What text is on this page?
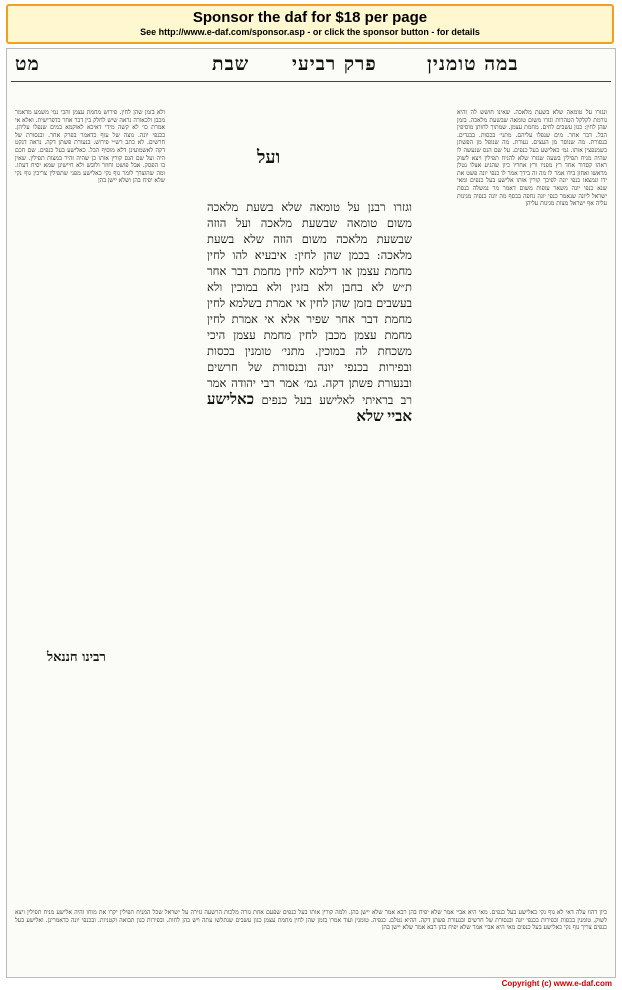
Sponsor the daf for $18 per page
See http://www.e-daf.com/sponsor.asp - or click the sponsor button - for details
במה טומנין
פרק רביעי
שבת
מט
ונגזרו על טומאה שלא בשעת מלאכה. שאינו חושש לה והיא גורמת לקלקל הטהרות וגזרו משום טומאה שבשעת מלאכה. בזמן שהן לחין: כגון עשבים לחים. מחמת עצמן. שמתוך לחותן מוסיפין הבל. דבר אחר. מים שנפלו עליהם. מתני׳ בכסות. בבגדים. בנסורת. מה שנוסר מן העצים. נעורת. מה שנופל מן הפשתן כשמנפצין אותו. גמ׳ כאלישע בעל כנפים. על שם הנס שנעשה לו שהיה מניח תפילין בשעה שגזרו שלא להניח תפילין ויצא לשוק ראהו קסדור אחד רץ מפניו ורץ אחריו כיון שהגיע אצלו נטלן מראשו ואחזן בידו אמר לו מה זה בידך אמר לו כנפי יונה פשט את ידו ונמצאו כנפי יונה לפיכך קורין אותו אלישע בעל כנפים ומאי שנא כנפי יונה משאר עופות משום דאמר מר נמשלה כנסת ישראל ליונה שנאמר כנפי יונה נחפה בכסף מה יונה כנפיה מגינות עליה אף ישראל מצות מגינות עליהן
ולא בזמן שהן לחין. פירוש מחמת עצמן והכי נמי משמע מדאמר מכבן ולכאורה נראה שיש לחלק בין דבר אחר כדפרישית. ואלא אי אמרת כו׳ לא קשה מידי דאיכא לאוקמא במים שנפלו עליהן. בכנפי יונה. נוצה של עוף כדאמר בפרק אחר. ובנסורת של חרשים. לא כתב רש״י פירוש. בנעורת פשתן דקה. נראה דנקט דקה לאשמועינן דלא מוסיף הבל. כאלישע בעל כנפים. שם חכם היה ועל שם הנס קורין אותו כן שהיה זהיר במצות תפילין. שאין בו הפסק. אבל פושט וחוזר ולובש ולא חיישינן שמא יסיח דעתו. ומה שהוצרך לומר גוף נקי כאלישע מפני שתפילין צריכין גוף נקי שלא יפיח בהן ושלא יישן בהן
ועל
וגזרו רבנן על טומאה שלא בשעת מלאכה משום טומאה שבשעת מלאכה ועל הוזה שבשעת מלאכה משום הוזה שלא בשעת מלאכה: בכמן שהן לחין: איבעיא להו לחין מחמת עצמן או דילמא לחין מחמת דבר אחר ת״ש לא בחבן ולא בזגין ולא במוכין ולא בעשבים בזמן שהן לחין אי אמרת בשלמא לחין מחמת דבר אחר שפיר אלא אי אמרת לחין מחמת עצמן מכבן לחין מחמת עצמן היכי משכחת לה במוכין. מתני׳ טומנין בכסות ובפירות בכנפי יונה ובנסורת של חרשים ובנעורת פשתן דקה. גמ׳ אמר רבי יהודה אמר רב בראיתי לאלישע בעל כנפים כאלישע אביי שלא
רבינו חננאל
כיון דהוו עלה דאי לא גוף נקי כאלישע בעל כנפים. מאי היא אביי אמר שלא יפיח בהן רבא אמר שלא יישן בהן. ולמה קורין אותו בעל כנפים שפעם אחת גזרה מלכות הרשעה גזירה על ישראל שכל המניח תפילין יקרו את מוחו והיה אלישע מניח תפילין ויצא לשוק. טומנין בכסות ובפירות בכנפי יונה ובנסורת של חרשים ובנעורת פשתן דקה. ההיא נטלם. כנפיה. טומנין ועוד אמרו בזמן שהן לחין מחמת עצמן כגון עשבים שנתלשו עתה ויש בהן לחות. ובפירות כגון תבואה וקטניות. ובכנפי יונה כדאמרינן. ואלישע בעל כנפים צריך גוף נקי כאלישע בעל כנפים מאי היא אביי אמר שלא יפיח בהן רבא אמר שלא יישן בהן
Copyright (c) www.e-daf.com
